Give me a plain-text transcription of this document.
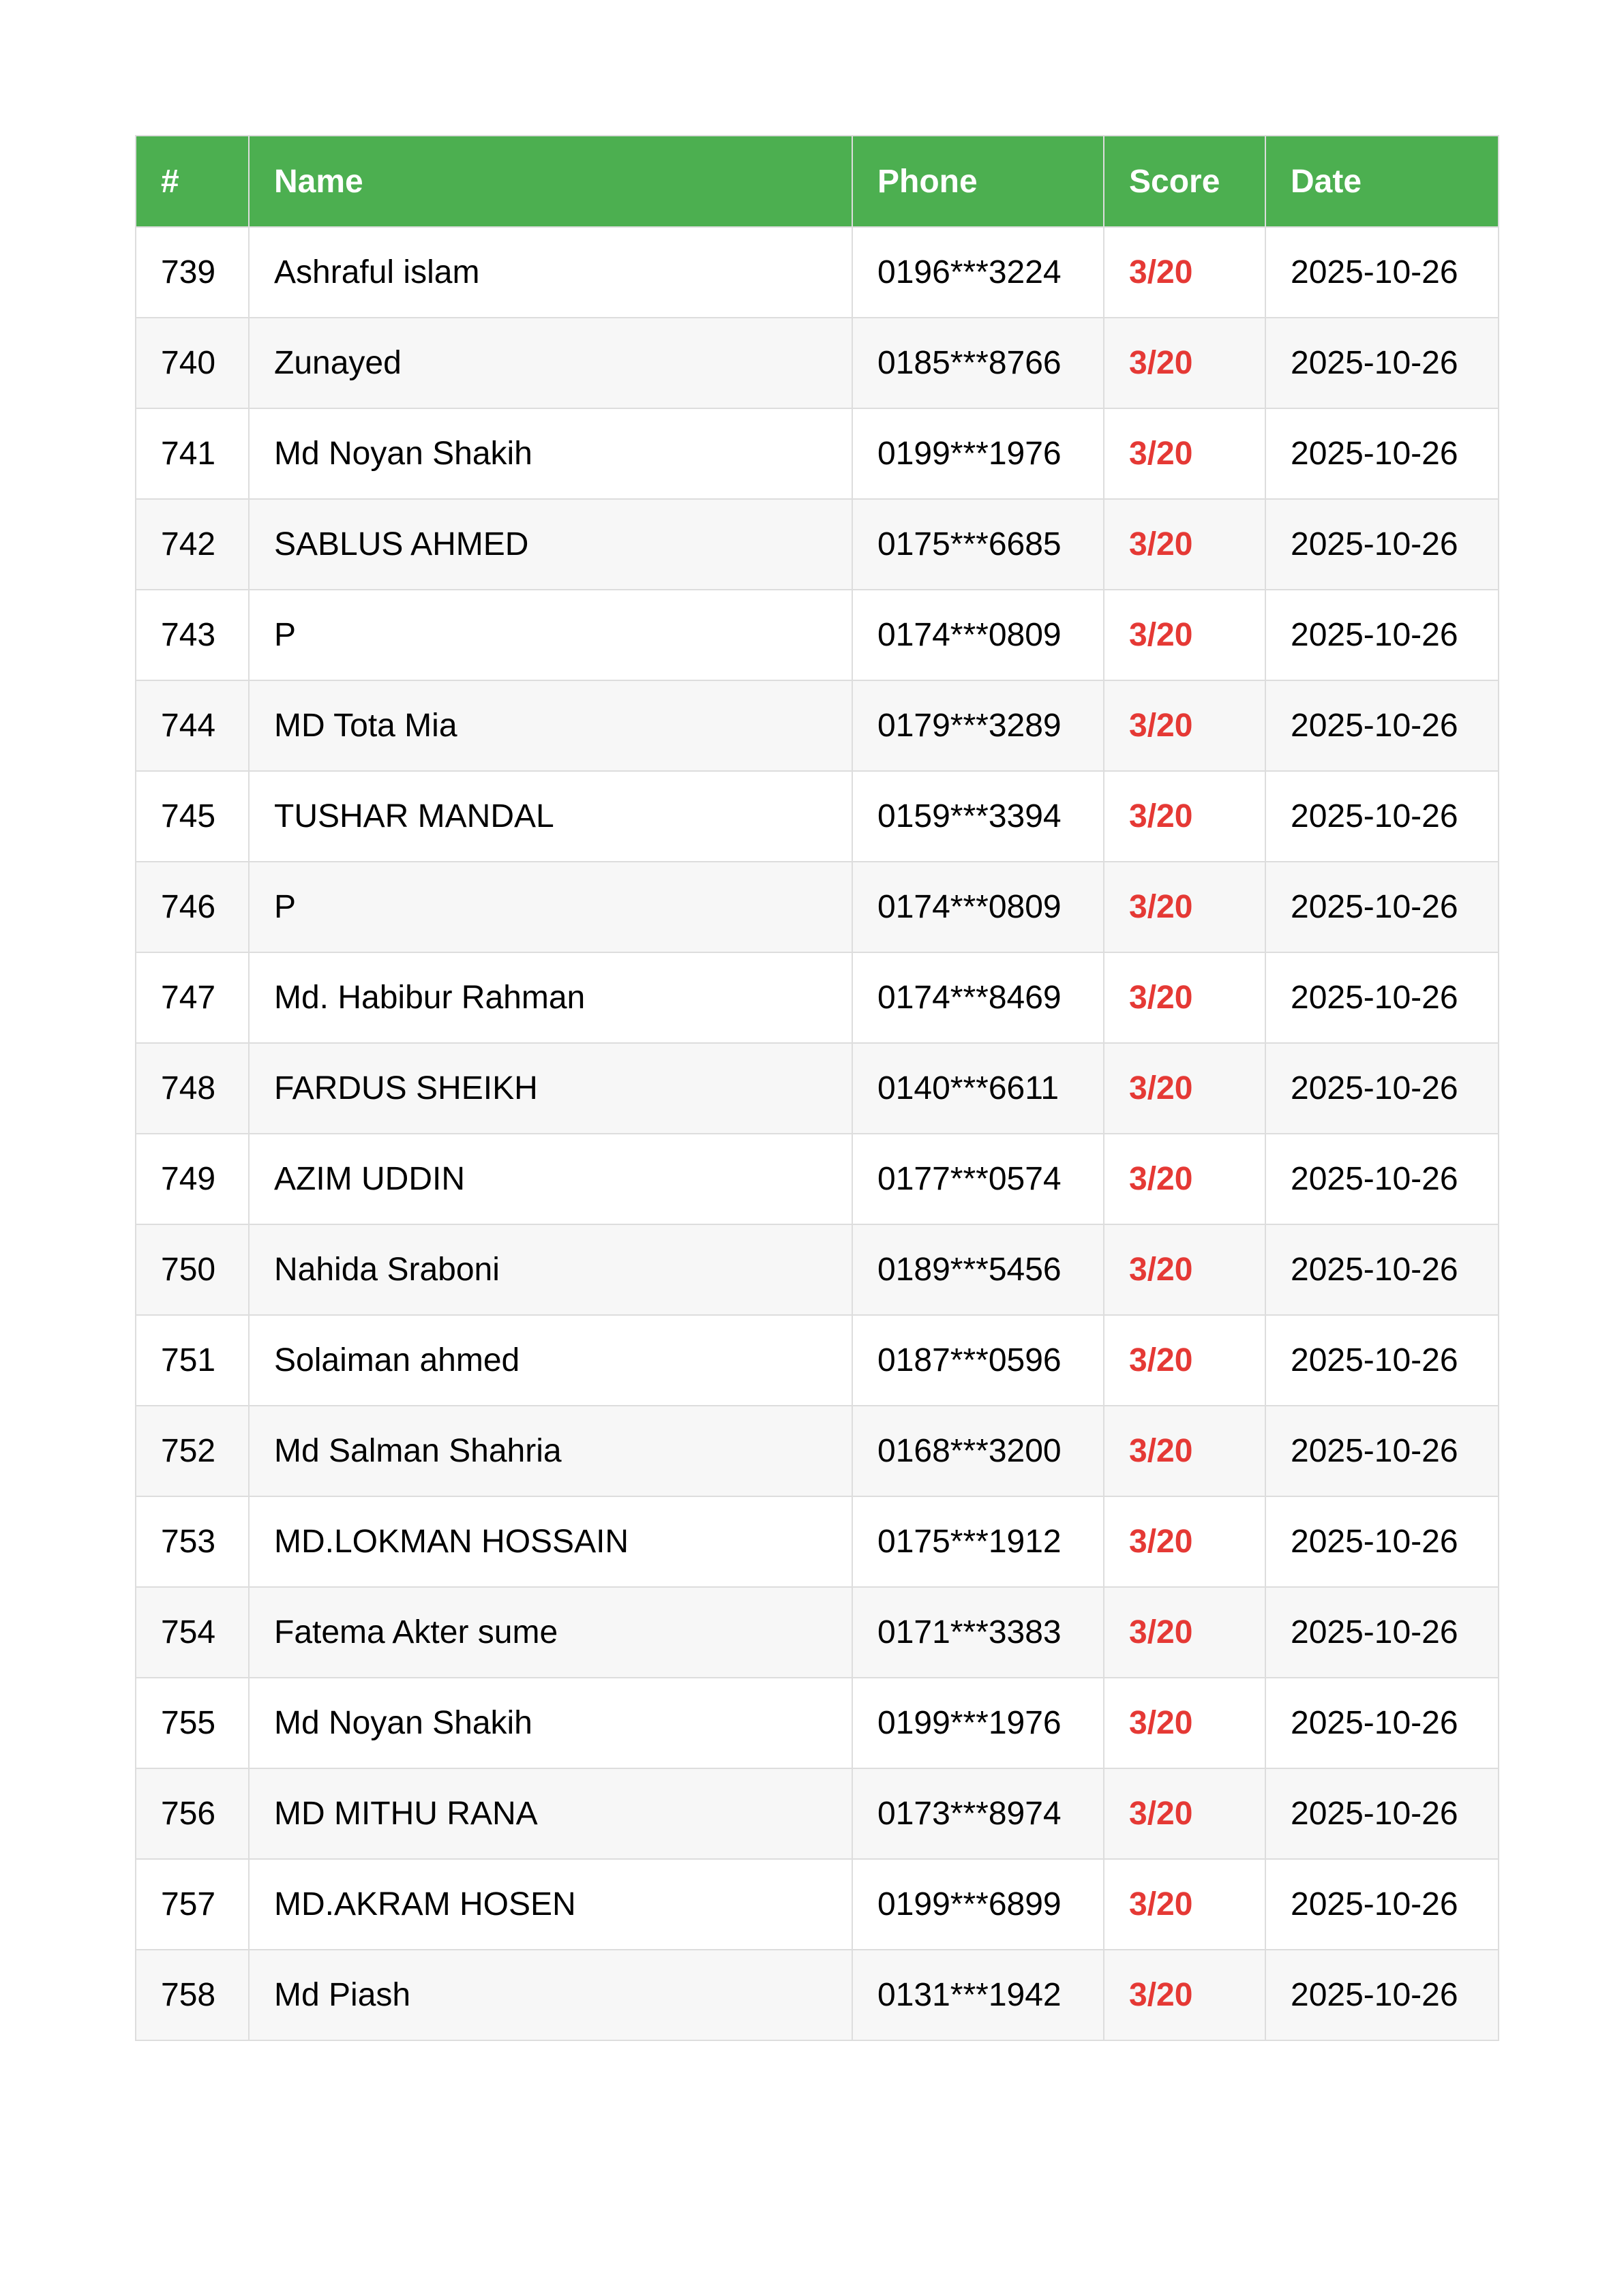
#	Name	Phone	Score	Date
739	Ashraful islam	0196***3224	3/20	2025-10-26
740	Zunayed	0185***8766	3/20	2025-10-26
741	Md Noyan Shakih	0199***1976	3/20	2025-10-26
742	SABLUS AHMED	0175***6685	3/20	2025-10-26
743	P	0174***0809	3/20	2025-10-26
744	MD Tota Mia	0179***3289	3/20	2025-10-26
745	TUSHAR MANDAL	0159***3394	3/20	2025-10-26
746	P	0174***0809	3/20	2025-10-26
747	Md. Habibur Rahman	0174***8469	3/20	2025-10-26
748	FARDUS SHEIKH	0140***6611	3/20	2025-10-26
749	AZIM UDDIN	0177***0574	3/20	2025-10-26
750	Nahida Sraboni	0189***5456	3/20	2025-10-26
751	Solaiman ahmed	0187***0596	3/20	2025-10-26
752	Md Salman Shahria	0168***3200	3/20	2025-10-26
753	MD.LOKMAN HOSSAIN	0175***1912	3/20	2025-10-26
754	Fatema Akter sume	0171***3383	3/20	2025-10-26
755	Md Noyan Shakih	0199***1976	3/20	2025-10-26
756	MD MITHU RANA	0173***8974	3/20	2025-10-26
757	MD.AKRAM HOSEN	0199***6899	3/20	2025-10-26
758	Md Piash	0131***1942	3/20	2025-10-26
